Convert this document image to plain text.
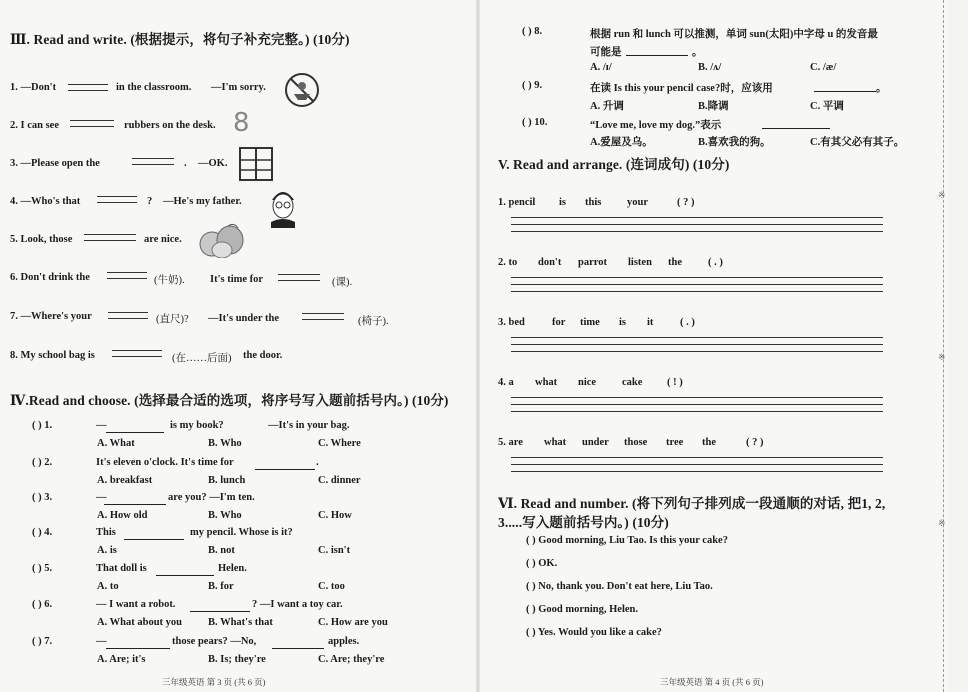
※
※
※
Ⅲ. Read and write. (根据提示，将句子补充完整。) (10分)
1. —Don't	in the classroom. —I'm sorry.
2. I can see	rubbers on the desk. 8
3. —Please open the	. —OK.
4. —Who's that	? —He's my father.
5. Look, those	are nice.
6. Don't drink the	(牛奶). It's time for	(课).
7. —Where's your	(直尺)? —It's under the	(椅子).
8. My school bag is	(在……后面) the door.
Ⅳ.Read and choose. (选择最合适的选项，将序号写入题前括号内。) (10分)
三年级英语 第 3 页 (共 6 页)
V. Read and arrange. (连词成句) (10分)
Ⅵ. Read and number. (将下列句子排列成一段通顺的对话, 把1, 2,
3.....写入题前括号内。) (10分)
三年级英语 第 4 页 (共 6 页)
( ) 1.	—	is my book?	—It's in your bag.
A. What	B. Who	C. Where
( ) 2.	It's eleven o'clock. It's time for	.
A. breakfast	B. lunch	C. dinner
( ) 3.	—	are you? —I'm ten.
A. How old	B. Who	C. How
( ) 4.	This	my pencil. Whose is it?
A. is	B. not	C. isn't
( ) 5.	That doll is	Helen.
A. to	B. for	C. too
( ) 6.	— I want a robot.	? —I want a toy car.
A. What about you B. What's that	C. How are you
( ) 7.	—	those pears? —No,	apples.
A. Are; it's	B. Is; they're	C. Are; they're
( ) 8.	根据 run 和 lunch 可以推测，单词 sun(太阳)中字母 u 的发音最
可能是	。
A. /ɪ/	B. /ʌ/	C. /æ/
( ) 9.	在读 Is this your pencil case?时，应该用	。
A. 升调	B.降调	C. 平调
( ) 10.	“Love me, love my dog.”表示
A.爱屋及乌。	B.喜欢我的狗。	C.有其父必有其子。
1. pencil is this your	( ? )
2. to don't parrot listen the ( . )
3. bed	for time is it	( . )
4. a what nice cake ( ! )
5. are what under those tree the	( ? )
( ) Good morning, Liu Tao. Is this your cake?
( ) OK.
( ) No, thank you. Don't eat here, Liu Tao.
( ) Good morning, Helen.
( ) Yes. Would you like a cake?
